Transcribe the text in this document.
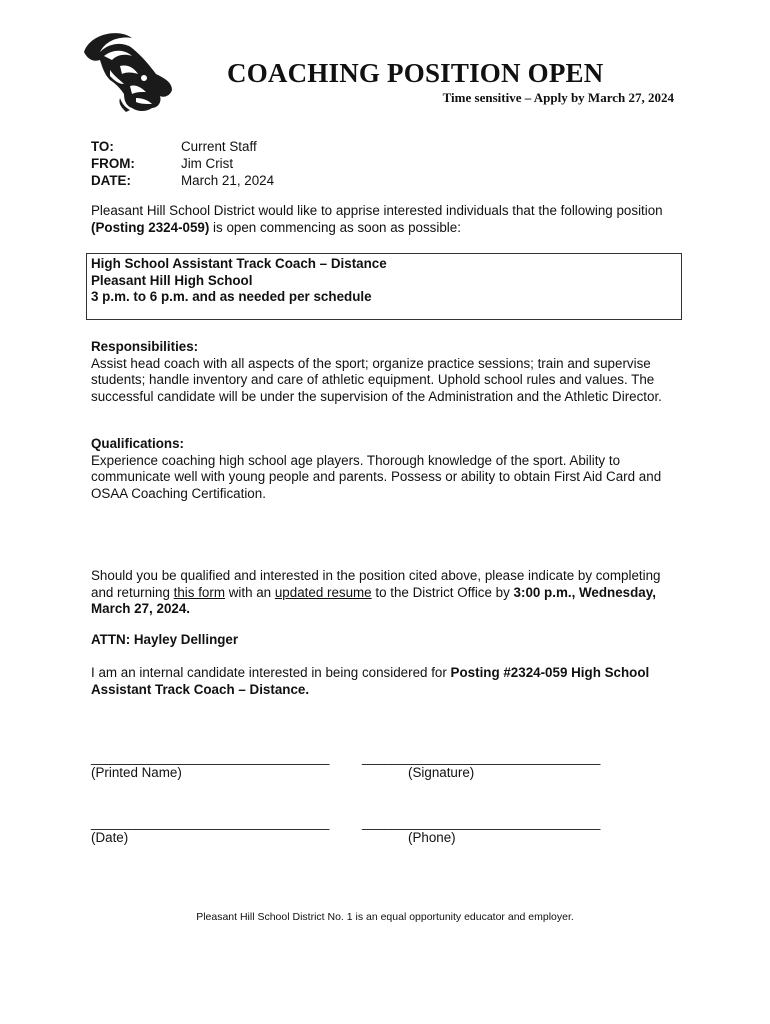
COACHING POSITION OPEN
Time sensitive – Apply by March 27, 2024
TO:	Current Staff
FROM:	Jim Crist
DATE:	March 21, 2024
Pleasant Hill School District would like to apprise interested individuals that the following position (Posting 2324-059) is open commencing as soon as possible:
High School Assistant Track Coach – Distance
Pleasant Hill High School
3 p.m. to 6 p.m. and as needed per schedule
Responsibilities:
Assist head coach with all aspects of the sport; organize practice sessions; train and supervise students; handle inventory and care of athletic equipment. Uphold school rules and values. The successful candidate will be under the supervision of the Administration and the Athletic Director.
Qualifications:
Experience coaching high school age players. Thorough knowledge of the sport. Ability to communicate well with young people and parents. Possess or ability to obtain First Aid Card and OSAA Coaching Certification.
Should you be qualified and interested in the position cited above, please indicate by completing and returning this form with an updated resume to the District Office by 3:00 p.m., Wednesday, March 27, 2024.
ATTN: Hayley Dellinger
I am an internal candidate interested in being considered for Posting #2324-059 High School Assistant Track Coach – Distance.
________________________________
(Printed Name)
________________________________
(Signature)
________________________________
(Date)
________________________________
(Phone)
Pleasant Hill School District No. 1 is an equal opportunity educator and employer.
